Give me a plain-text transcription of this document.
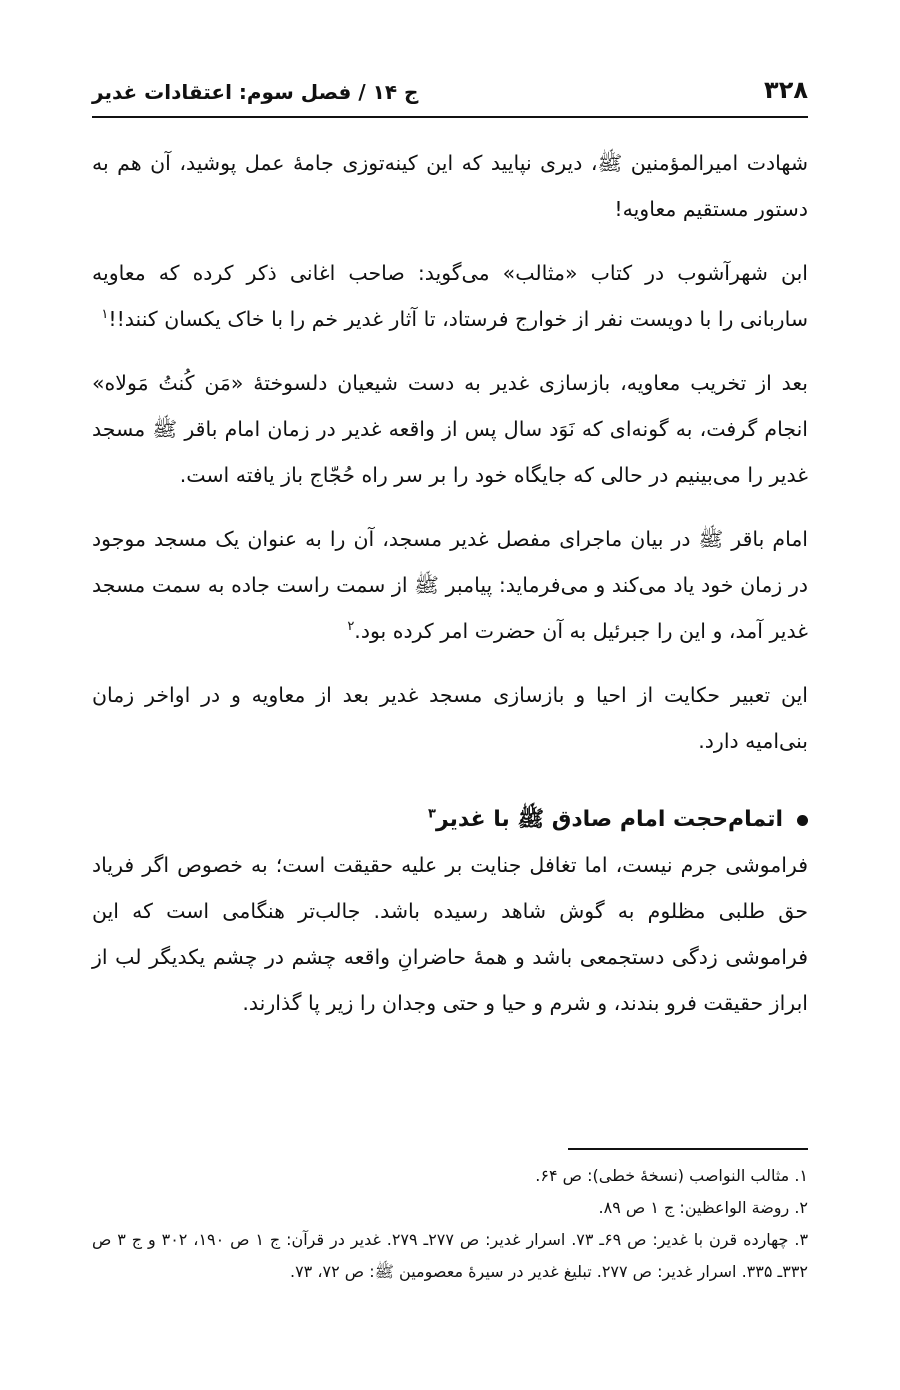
۳۲۸
ج ۱۴ / فصل سوم: اعتقادات غدیر

شهادت امیرالمؤمنین ﷺ، دیری نپایید که این کینه‌توزی جامۀ عمل پوشید، آن هم به دستور مستقیم معاویه!

ابن شهرآشوب در کتاب «مثالب» می‌گوید: صاحب اغانی ذکر کرده که معاویه ساربانی را با دویست نفر از خوارج فرستاد، تا آثار غدیر خم را با خاک یکسان کنند!!$^۱$

بعد از تخریب معاویه، بازسازی غدیر به دست شیعیان دلسوختۀ «مَن کُنتُ مَولاه» انجام گرفت، به گونه‌ای که نَوَد سال پس از واقعه غدیر در زمان امام باقر ﷺ مسجد غدیر را می‌بینیم در حالی که جایگاه خود را بر سر راه حُجّاج باز یافته است.

امام باقر ﷺ در بیان ماجرای مفصل غدیر مسجد، آن را به عنوان یک مسجد موجود در زمان خود یاد می‌کند و می‌فرماید: پیامبر ﷺ از سمت راست جاده به سمت مسجد غدیر آمد، و این را جبرئیل به آن حضرت امر کرده بود.$^۲$

این تعبیر حکایت از احیا و بازسازی مسجد غدیر بعد از معاویه و در اواخر زمان بنی‌امیه دارد.

اتمام‌حجت امام صادق ﷺ با غدیر$^۳$

فراموشی جرم نیست، اما تغافل جنایت بر علیه حقیقت است؛ به خصوص اگر فریاد حق طلبی مظلوم به گوش شاهد رسیده باشد. جالب‌تر هنگامی است که این فراموشی زدگی دستجمعی باشد و همۀ حاضرانِ واقعه چشم در چشم یکدیگر لب از ابراز حقیقت فرو بندند، و شرم و حیا و حتی وجدان را زیر پا گذارند.

۱. مثالب النواصب (نسخۀ خطی): ص ۶۴.

۲. روضة الواعظین: ج ۱ ص ۸۹.

۳. چهارده قرن با غدیر: ص ۶۹ـ ۷۳. اسرار غدیر: ص ۲۷۷ـ ۲۷۹. غدیر در قرآن: ج ۱ ص ۱۹۰، ۳۰۲ و ج ۳ ص ۳۳۲ـ ۳۳۵. اسرار غدیر: ص ۲۷۷. تبلیغ غدیر در سیرۀ معصومین ﷺ: ص ۷۲، ۷۳.
